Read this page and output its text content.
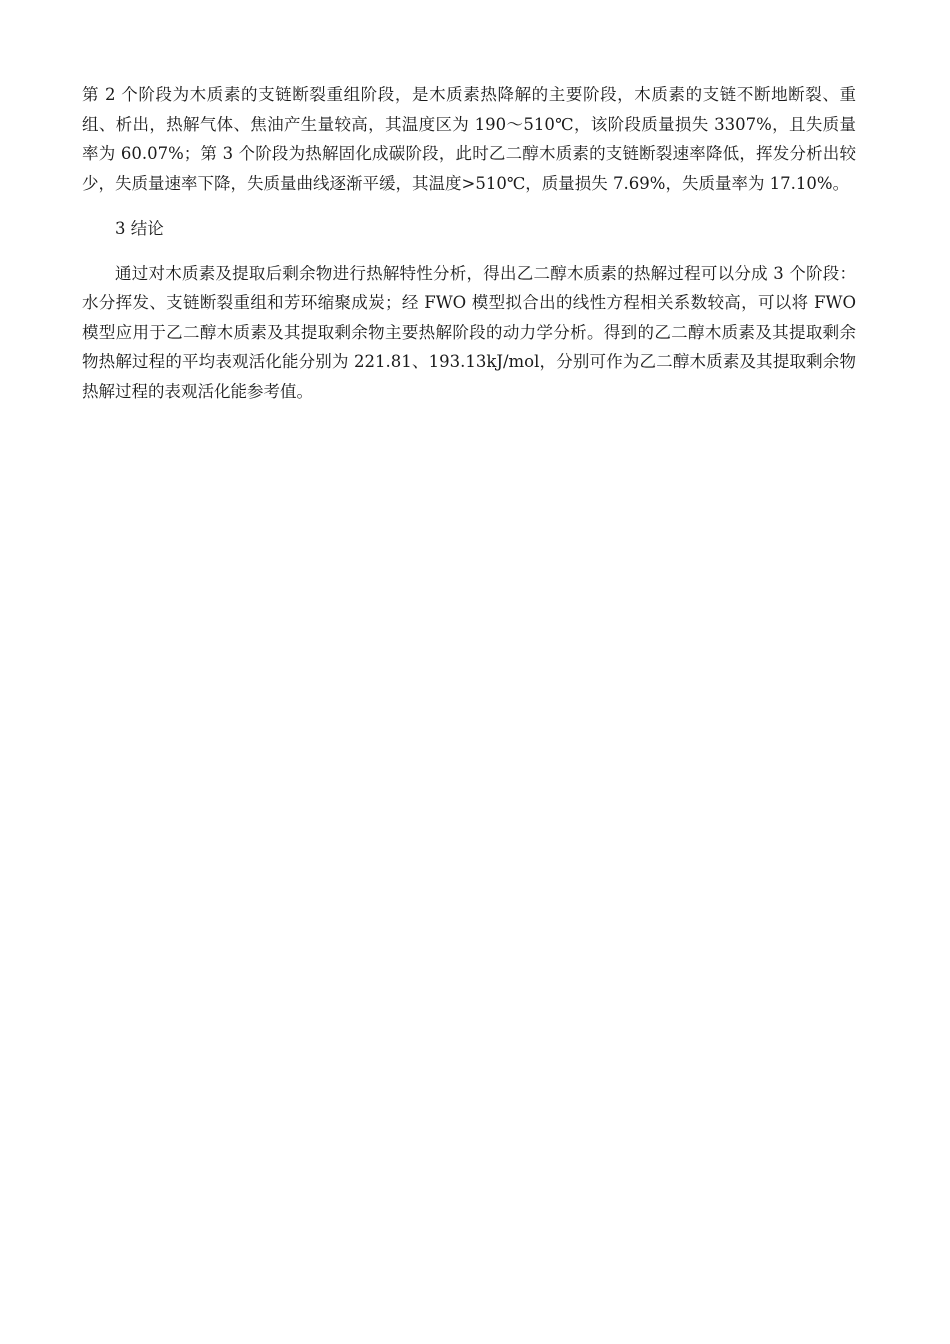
第 2 个阶段为木质素的支链断裂重组阶段，是木质素热降解的主要阶段，木质素的支链不断地断裂、重组、析出，热解气体、焦油产生量较高，其温度区为 190～510℃，该阶段质量损失 3307%，且失质量率为 60.07%；第 3 个阶段为热解固化成碳阶段，此时乙二醇木质素的支链断裂速率降低，挥发分析出较少，失质量速率下降，失质量曲线逐渐平缓，其温度>510℃，质量损失 7.69%，失质量率为 17.10%。

3 结论

通过对木质素及提取后剩余物进行热解特性分析，得出乙二醇木质素的热解过程可以分成 3 个阶段：水分挥发、支链断裂重组和芳环缩聚成炭；经 FWO 模型拟合出的线性方程相关系数较高，可以将 FWO 模型应用于乙二醇木质素及其提取剩余物主要热解阶段的动力学分析。得到的乙二醇木质素及其提取剩余物热解过程的平均表观活化能分别为 221.81、193.13kJ/mol，分别可作为乙二醇木质素及其提取剩余物热解过程的表观活化能参考值。
